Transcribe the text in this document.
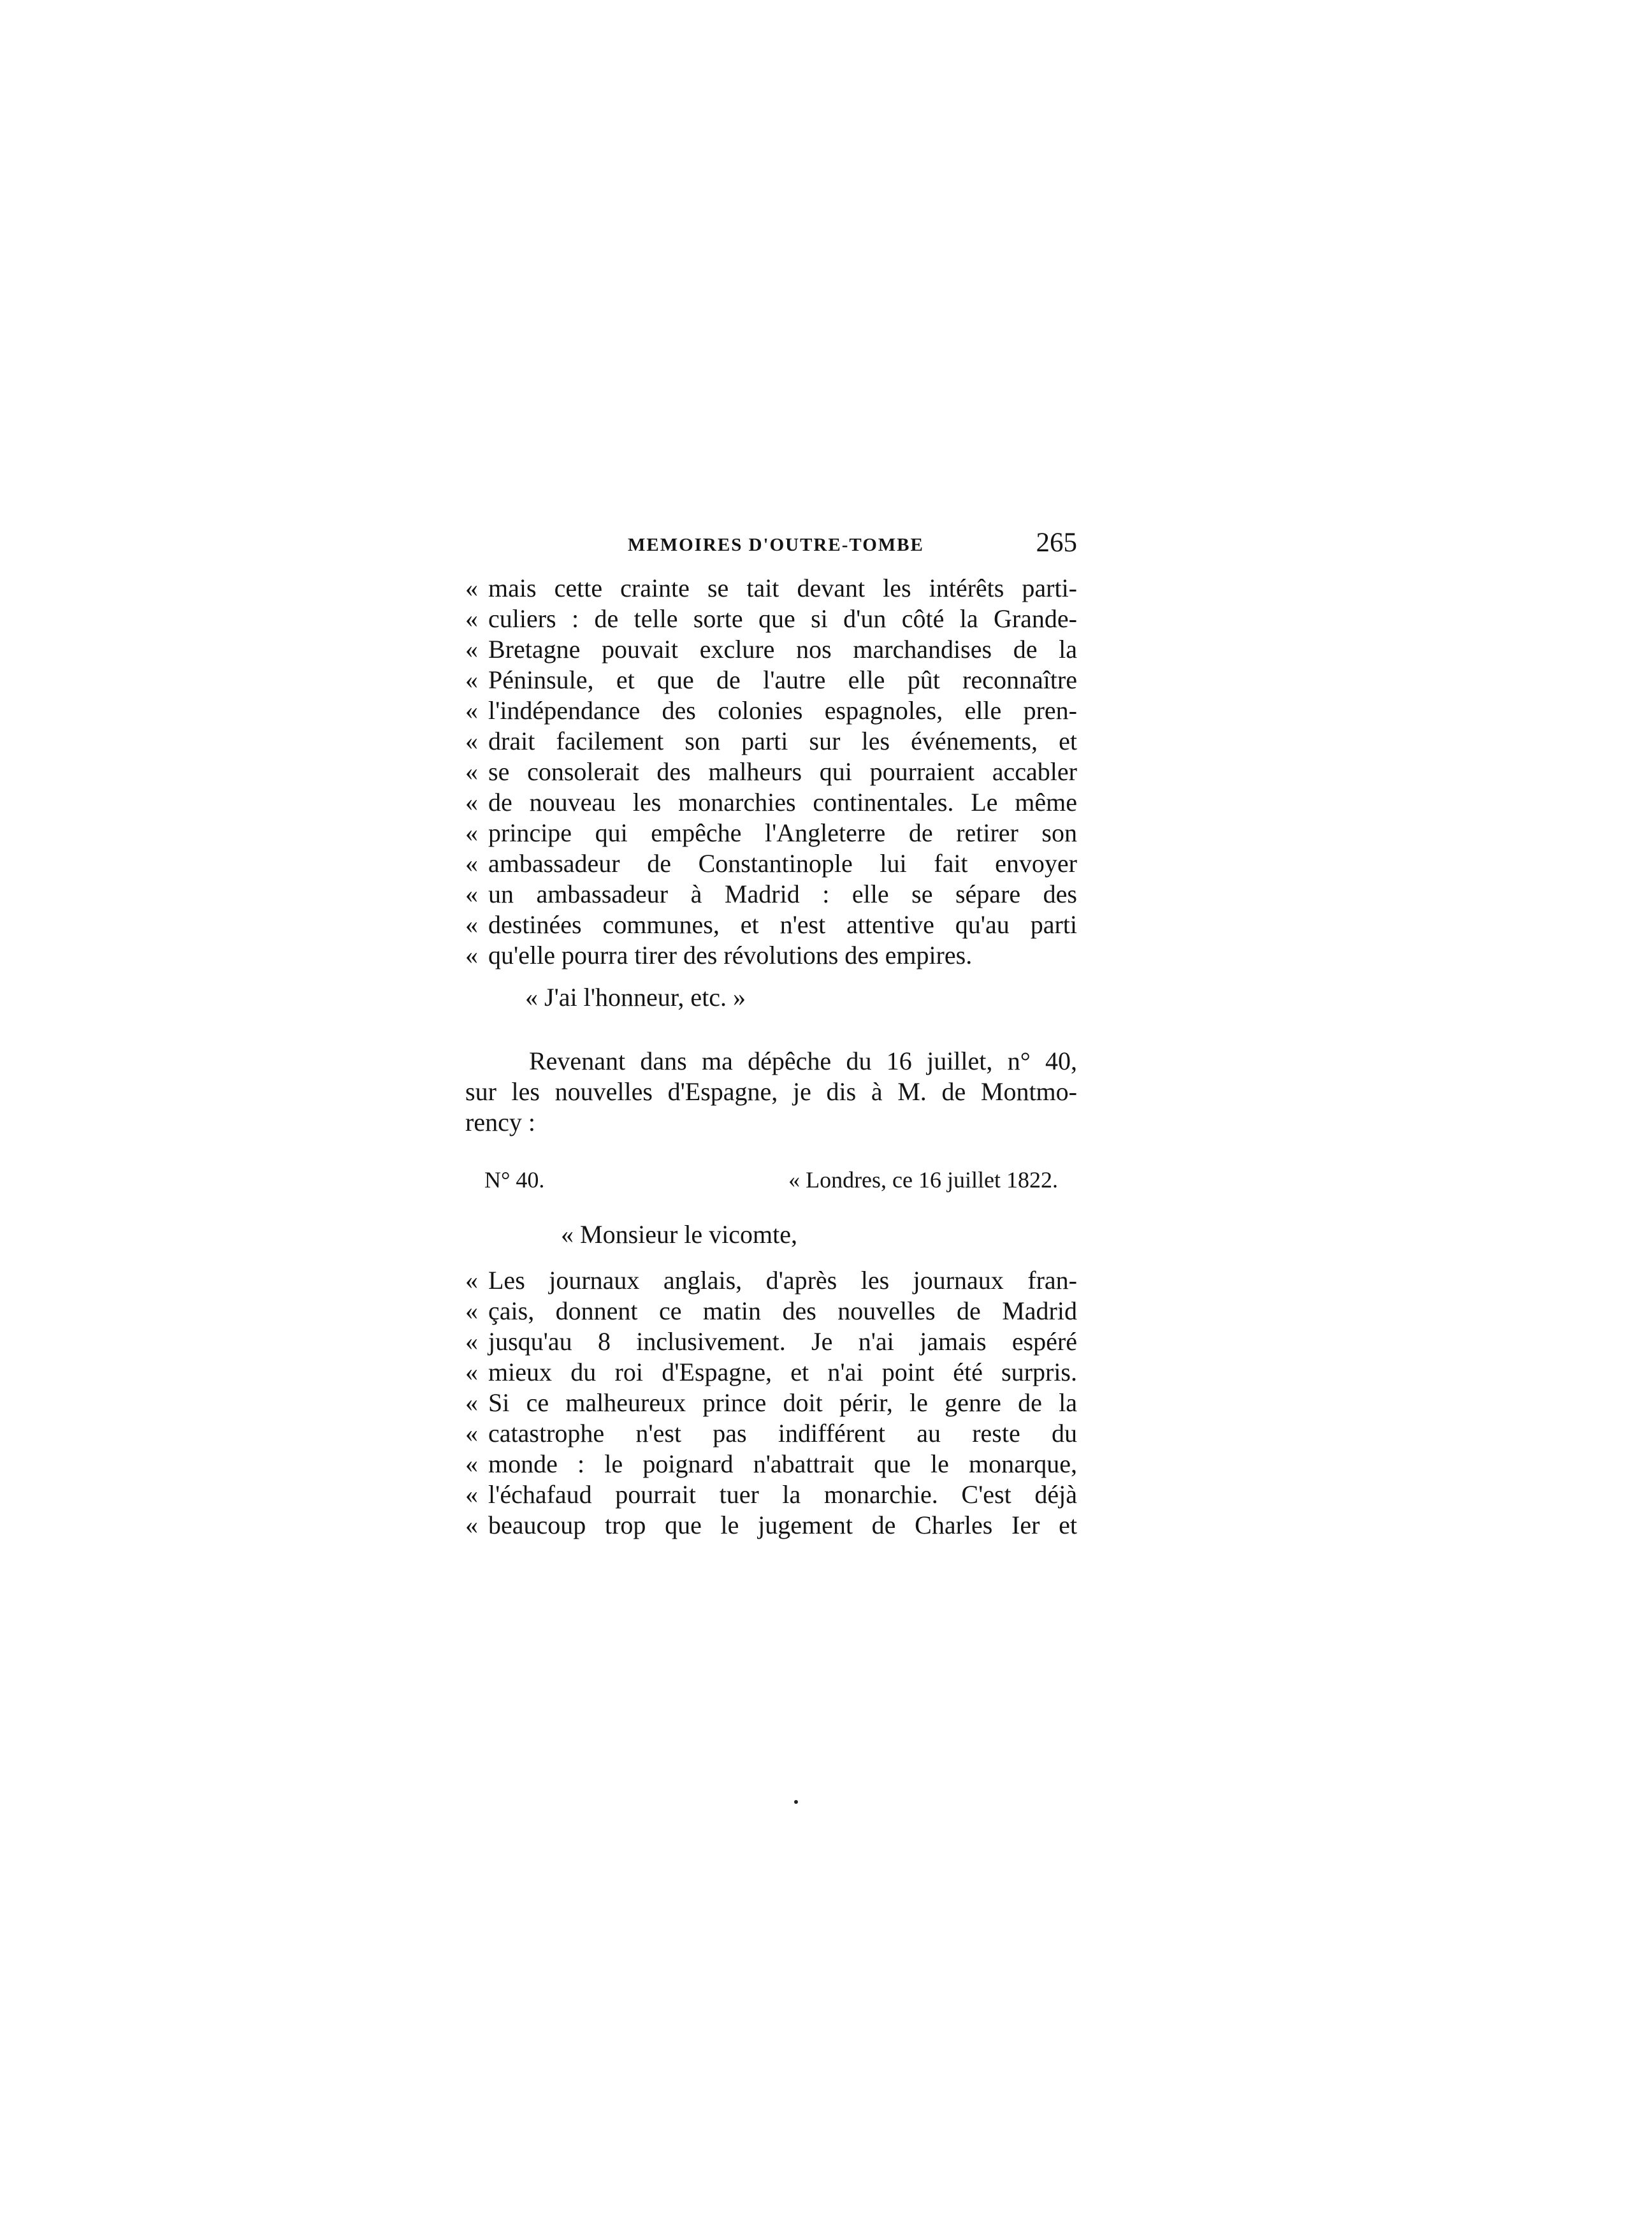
MEMOIRES D'OUTRE-TOMBE	265
« mais cette crainte se tait devant les intérêts parti-
« culiers : de telle sorte que si d'un côté la Grande-
« Bretagne pouvait exclure nos marchandises de la
« Péninsule, et que de l'autre elle pût reconnaître
« l'indépendance des colonies espagnoles, elle pren-
« drait facilement son parti sur les événements, et
« se consolerait des malheurs qui pourraient accabler
« de nouveau les monarchies continentales. Le même
« principe qui empêche l'Angleterre de retirer son
« ambassadeur de Constantinople lui fait envoyer
« un ambassadeur à Madrid : elle se sépare des
« destinées communes, et n'est attentive qu'au parti
« qu'elle pourra tirer des révolutions des empires.
« J'ai l'honneur, etc. »
Revenant dans ma dépêche du 16 juillet, n° 40,
sur les nouvelles d'Espagne, je dis à M. de Montmo-
rency :
N° 40.	« Londres, ce 16 juillet 1822.
« Monsieur le vicomte,
« Les journaux anglais, d'après les journaux fran-
« çais, donnent ce matin des nouvelles de Madrid
« jusqu'au 8 inclusivement. Je n'ai jamais espéré
« mieux du roi d'Espagne, et n'ai point été surpris.
« Si ce malheureux prince doit périr, le genre de la
« catastrophe n'est pas indifférent au reste du
« monde : le poignard n'abattrait que le monarque,
« l'échafaud pourrait tuer la monarchie. C'est déjà
« beaucoup trop que le jugement de Charles Ier et
